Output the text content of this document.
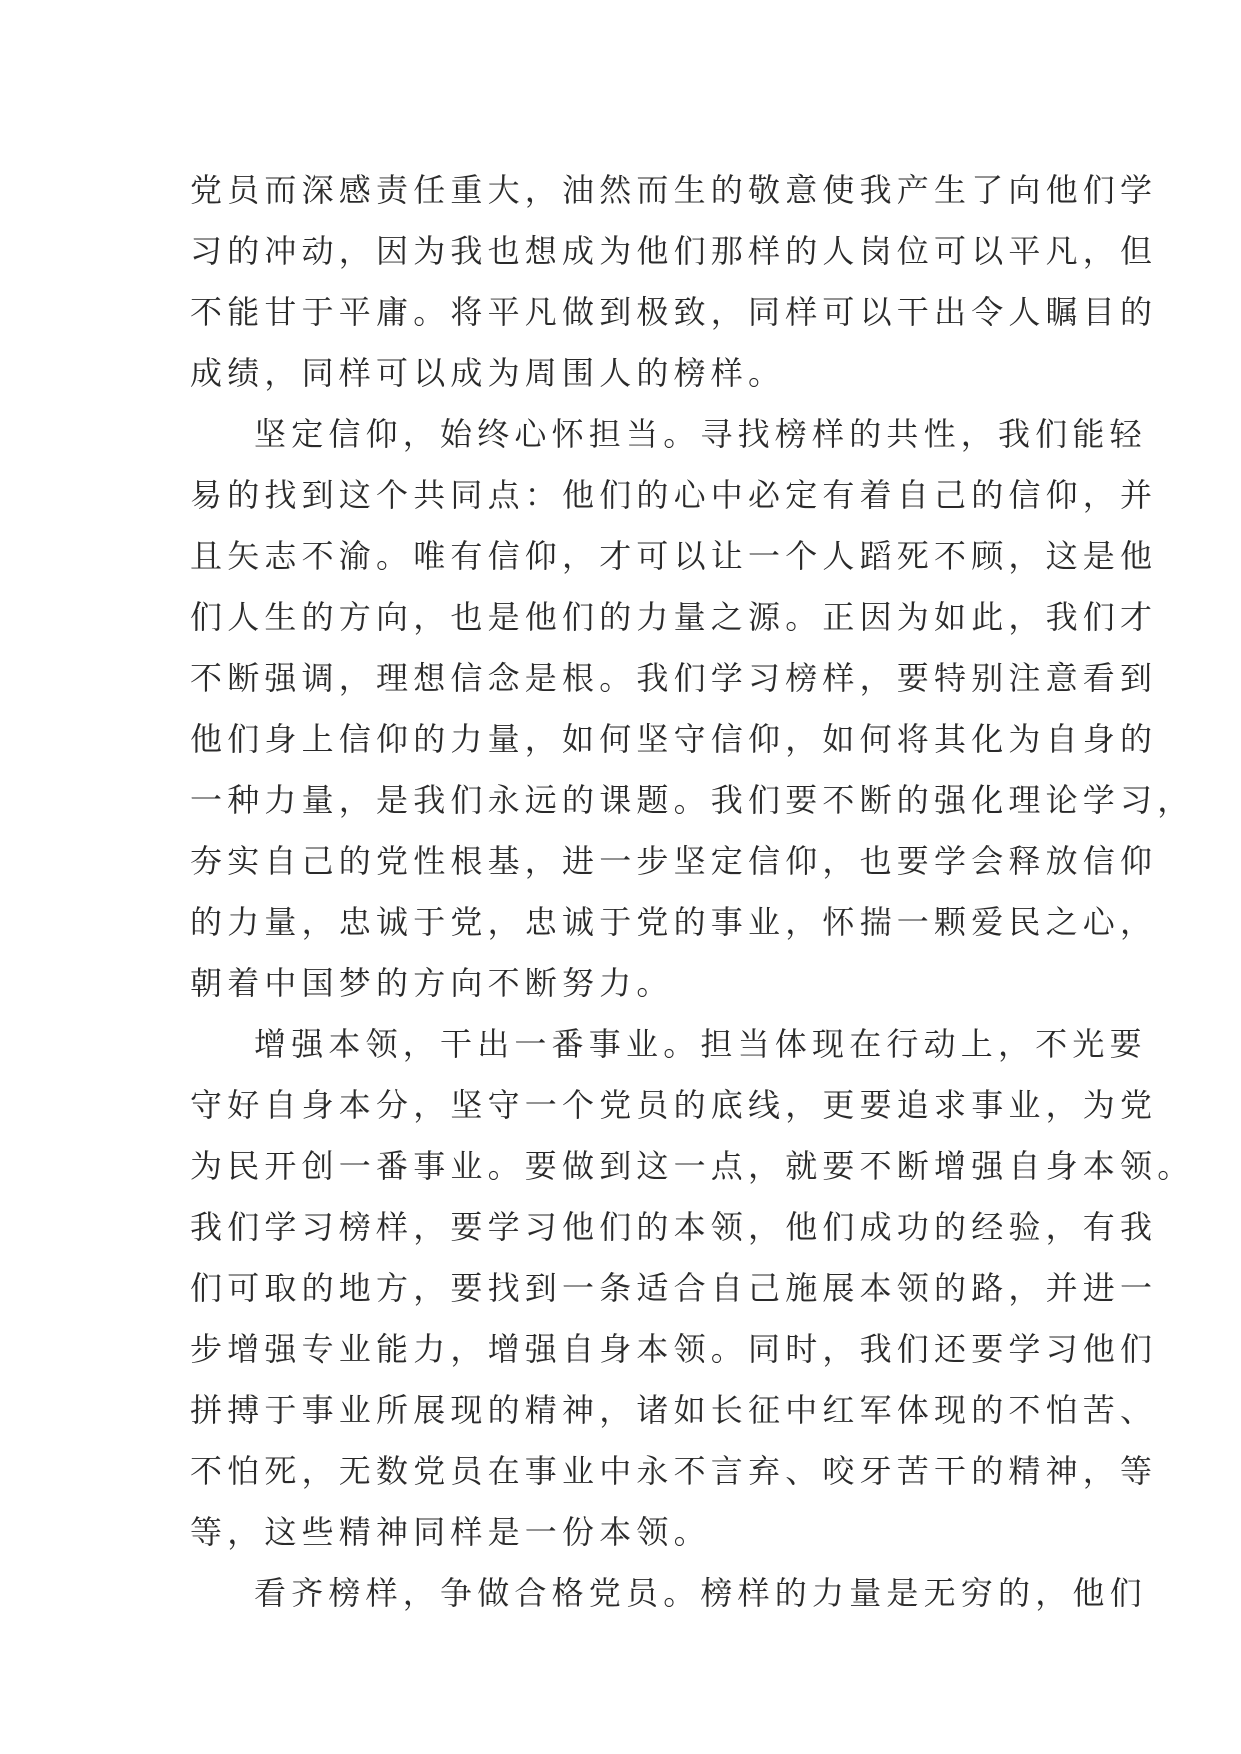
党员而深感责任重大，油然而生的敬意使我产生了向他们学
习的冲动，因为我也想成为他们那样的人岗位可以平凡，但
不能甘于平庸。将平凡做到极致，同样可以干出令人瞩目的
成绩，同样可以成为周围人的榜样。
坚定信仰，始终心怀担当。寻找榜样的共性，我们能轻
易的找到这个共同点：他们的心中必定有着自己的信仰，并
且矢志不渝。唯有信仰，才可以让一个人蹈死不顾，这是他
们人生的方向，也是他们的力量之源。正因为如此，我们才
不断强调，理想信念是根。我们学习榜样，要特别注意看到
他们身上信仰的力量，如何坚守信仰，如何将其化为自身的
一种力量，是我们永远的课题。我们要不断的强化理论学习，
夯实自己的党性根基，进一步坚定信仰，也要学会释放信仰
的力量，忠诚于党，忠诚于党的事业，怀揣一颗爱民之心，
朝着中国梦的方向不断努力。
增强本领，干出一番事业。担当体现在行动上，不光要
守好自身本分，坚守一个党员的底线，更要追求事业，为党
为民开创一番事业。要做到这一点，就要不断增强自身本领。
我们学习榜样，要学习他们的本领，他们成功的经验，有我
们可取的地方，要找到一条适合自己施展本领的路，并进一
步增强专业能力，增强自身本领。同时，我们还要学习他们
拼搏于事业所展现的精神，诸如长征中红军体现的不怕苦、
不怕死，无数党员在事业中永不言弃、咬牙苦干的精神，等
等，这些精神同样是一份本领。
看齐榜样，争做合格党员。榜样的力量是无穷的，他们
